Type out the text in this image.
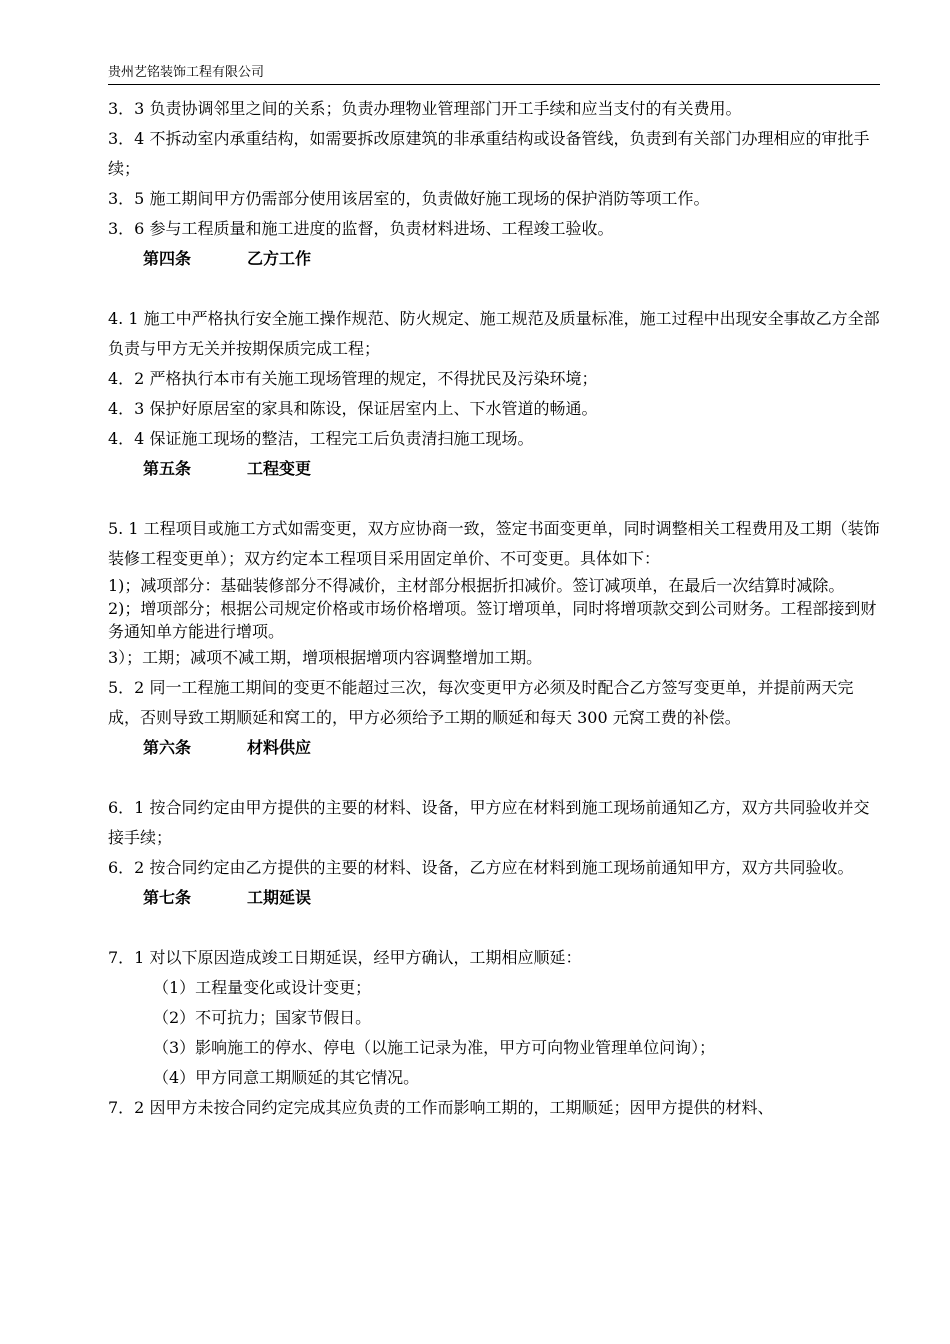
贵州艺铭装饰工程有限公司

3．3 负责协调邻里之间的关系；负责办理物业管理部门开工手续和应当支付的有关费用。

3．4 不拆动室内承重结构，如需要拆改原建筑的非承重结构或设备管线，负责到有关部门办理相应的审批手续；

3．5 施工期间甲方仍需部分使用该居室的，负责做好施工现场的保护消防等项工作。

3．6 参与工程质量和施工进度的监督，负责材料进场、工程竣工验收。

第四条	乙方工作

4. 1 施工中严格执行安全施工操作规范、防火规定、施工规范及质量标准，施工过程中出现安全事故乙方全部负责与甲方无关并按期保质完成工程；

4．2 严格执行本市有关施工现场管理的规定，不得扰民及污染环境；

4．3 保护好原居室的家具和陈设，保证居室内上、下水管道的畅通。

4．4 保证施工现场的整洁，工程完工后负责清扫施工现场。

第五条	工程变更

5. 1 工程项目或施工方式如需变更，双方应协商一致，签定书面变更单，同时调整相关工程费用及工期（装饰装修工程变更单）；双方约定本工程项目采用固定单价、不可变更。具体如下：

1)；减项部分：基础装修部分不得减价，主材部分根据折扣减价。签订减项单，在最后一次结算时减除。

2)；增项部分；根据公司规定价格或市场价格增项。签订增项单，同时将增项款交到公司财务。工程部接到财务通知单方能进行增项。

3）；工期；减项不减工期，增项根据增项内容调整增加工期。

5．2 同一工程施工期间的变更不能超过三次，每次变更甲方必须及时配合乙方签写变更单，并提前两天完成，否则导致工期顺延和窝工的，甲方必须给予工期的顺延和每天 300 元窝工费的补偿。

第六条	材料供应

6．1 按合同约定由甲方提供的主要的材料、设备，甲方应在材料到施工现场前通知乙方，双方共同验收并交接手续；

6．2 按合同约定由乙方提供的主要的材料、设备，乙方应在材料到施工现场前通知甲方，双方共同验收。

第七条	工期延误

7．1 对以下原因造成竣工日期延误，经甲方确认，工期相应顺延：

（1）工程量变化或设计变更；

（2）不可抗力；国家节假日。

（3）影响施工的停水、停电（以施工记录为准，甲方可向物业管理单位问询）；

（4）甲方同意工期顺延的其它情况。

7．2 因甲方未按合同约定完成其应负责的工作而影响工期的，工期顺延；因甲方提供的材料、
